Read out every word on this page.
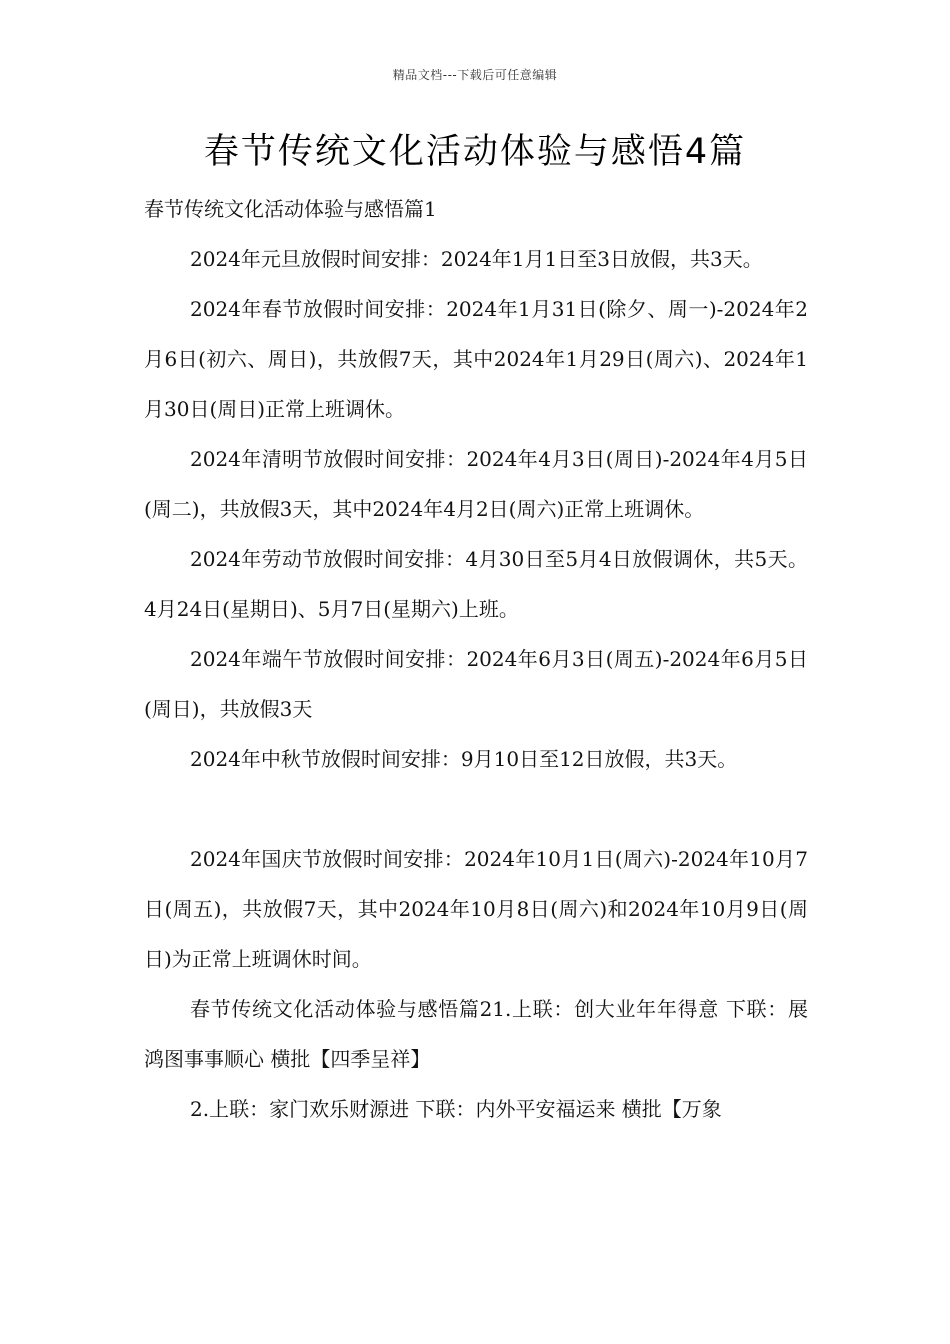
精品文档---下载后可任意编辑
春节传统文化活动体验与感悟4篇

春节传统文化活动体验与感悟篇1

2024年元旦放假时间安排：2024年1月1日至3日放假，共3天。

2024年春节放假时间安排：2024年1月31日(除夕、周一)-2024年2月6日(初六、周日)，共放假7天，其中2024年1月29日(周六)、2024年1月30日(周日)正常上班调休。

2024年清明节放假时间安排：2024年4月3日(周日)-2024年4月5日(周二)，共放假3天，其中2024年4月2日(周六)正常上班调休。

2024年劳动节放假时间安排：4月30日至5月4日放假调休，共5天。4月24日(星期日)、5月7日(星期六)上班。

2024年端午节放假时间安排：2024年6月3日(周五)-2024年6月5日(周日)，共放假3天

2024年中秋节放假时间安排：9月10日至12日放假，共3天。

2024年国庆节放假时间安排：2024年10月1日(周六)-2024年10月7日(周五)，共放假7天，其中2024年10月8日(周六)和2024年10月9日(周日)为正常上班调休时间。

春节传统文化活动体验与感悟篇21.上联：创大业年年得意 下联：展鸿图事事顺心 横批【四季呈祥】

2.上联：家门欢乐财源进 下联：内外平安福运来 横批【万象
